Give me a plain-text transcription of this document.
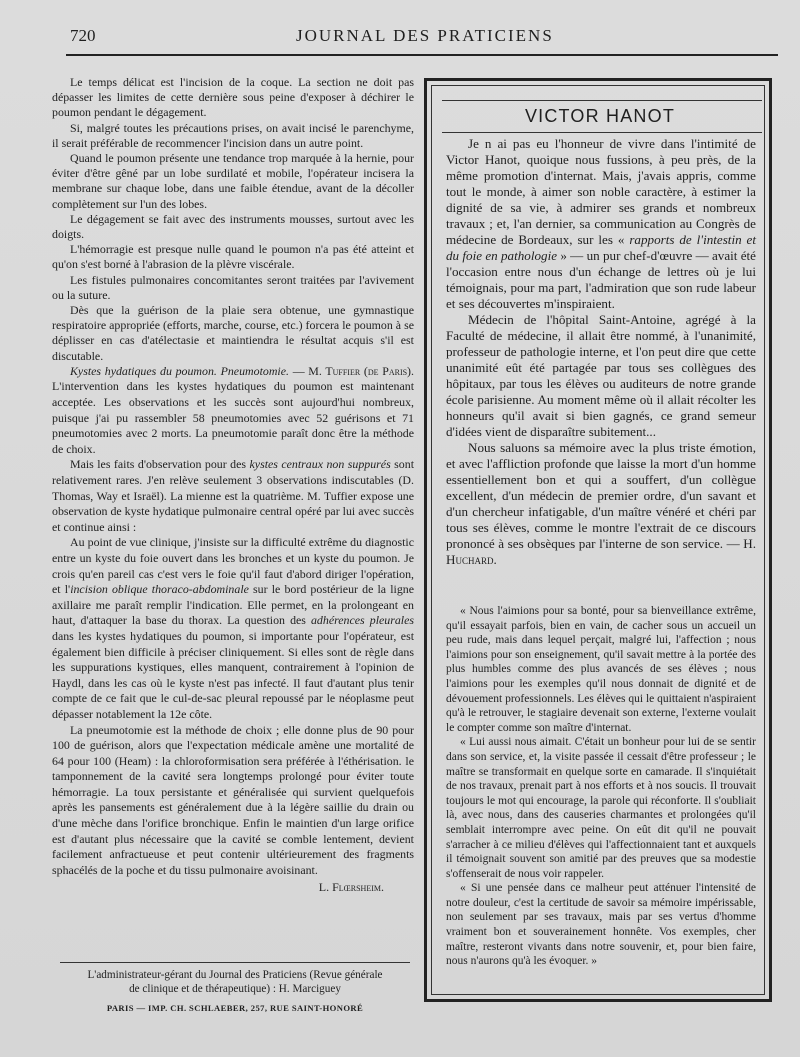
720	JOURNAL DES PRATICIENS

Le temps délicat est l'incision de la coque. La section ne doit pas dépasser les limites de cette dernière sous peine d'exposer à déchirer le poumon pendant le dégagement.

Si, malgré toutes les précautions prises, on avait incisé le parenchyme, il serait préférable de recommencer l'incision dans un autre point.

Quand le poumon présente une tendance trop marquée à la hernie, pour éviter d'être gêné par un lobe surdilaté et mobile, l'opérateur incisera la membrane sur chaque lobe, dans une faible étendue, avant de la décoller complètement sur l'un des lobes.

Le dégagement se fait avec des instruments mousses, surtout avec les doigts.

L'hémorragie est presque nulle quand le poumon n'a pas été atteint et qu'on s'est borné à l'abrasion de la plèvre viscérale.

Les fistules pulmonaires concomitantes seront traitées par l'avivement ou la suture.

Dès que la guérison de la plaie sera obtenue, une gymnastique respiratoire appropriée (efforts, marche, course, etc.) forcera le poumon à se déplisser en cas d'atélectasie et maintiendra le résultat acquis s'il est discutable.

Kystes hydatiques du poumon. Pneumotomie. — M. Tuffier (de Paris). L'intervention dans les kystes hydatiques du poumon est maintenant acceptée. Les observations et les succès sont aujourd'hui nombreux, puisque j'ai pu rassembler 58 pneumotomies avec 52 guérisons et 71 pneumotomies avec 2 morts. La pneumotomie paraît donc être la méthode de choix.

Mais les faits d'observation pour des kystes centraux non suppurés sont relativement rares. J'en relève seulement 3 observations indiscutables (D. Thomas, Way et Israël). La mienne est la quatrième. M. Tuffier expose une observation de kyste hydatique pulmonaire central opéré par lui avec succès et continue ainsi :

Au point de vue clinique, j'insiste sur la difficulté extrême du diagnostic entre un kyste du foie ouvert dans les bronches et un kyste du poumon. Je crois qu'en pareil cas c'est vers le foie qu'il faut d'abord diriger l'opération, et l'incision oblique thoraco-abdominale sur le bord postérieur de la ligne axillaire me paraît remplir l'indication. Elle permet, en la prolongeant en haut, d'attaquer la base du thorax. La question des adhérences pleurales dans les kystes hydatiques du poumon, si importante pour l'opérateur, est également bien difficile à préciser cliniquement. Si elles sont de règle dans les suppurations kystiques, elles manquent, contrairement à l'opinion de Haydl, dans les cas où le kyste n'est pas infecté. Il faut d'autant plus tenir compte de ce fait que le cul-de-sac pleural repoussé par le néoplasme peut dépasser notablement la 12e côte.

La pneumotomie est la méthode de choix ; elle donne plus de 90 pour 100 de guérison, alors que l'expectation médicale amène une mortalité de 64 pour 100 (Heam) : la chloroformisation sera préférée à l'éthérisation. le tamponnement de la cavité sera longtemps prolongé pour éviter toute hémorragie. La toux persistante et généralisée qui survient quelquefois après les pansements est généralement due à la légère saillie du drain ou d'une mèche dans l'orifice bronchique. Enfin le maintien d'un large orifice est d'autant plus nécessaire que la cavité se comble lentement, devient facilement anfractueuse et peut contenir ultérieurement des fragments sphacélés de la poche et du tissu pulmonaire avoisinant.

L. Flœrsheim.
L'administrateur-gérant du Journal des Praticiens (Revue générale
de clinique et de thérapeutique) : H. Marciguey
PARIS — IMP. CH. SCHLAEBER, 257, RUE SAINT-HONORÉ
VICTOR HANOT

Je n ai pas eu l'honneur de vivre dans l'intimité de Victor Hanot, quoique nous fussions, à peu près, de la même promotion d'internat. Mais, j'avais appris, comme tout le monde, à aimer son noble caractère, à estimer la dignité de sa vie, à admirer ses grands et nombreux travaux ; et, l'an dernier, sa communication au Congrès de médecine de Bordeaux, sur les « rapports de l'intestin et du foie en pathologie » — un pur chef-d'œuvre — avait été l'occasion entre nous d'un échange de lettres où je lui témoignais, pour ma part, l'admiration que son rude labeur et ses découvertes m'inspiraient.

Médecin de l'hôpital Saint-Antoine, agrégé à la Faculté de médecine, il allait être nommé, à l'unanimité, professeur de pathologie interne, et l'on peut dire que cette unanimité eût été partagée par tous ses collègues des hôpitaux, par tous les élèves ou auditeurs de notre grande école parisienne. Au moment même où il allait récolter les honneurs qu'il avait si bien gagnés, ce grand semeur d'idées vient de disparaître subitement...

Nous saluons sa mémoire avec la plus triste émotion, et avec l'affliction profonde que laisse la mort d'un homme essentiellement bon et qui a souffert, d'un collègue excellent, d'un médecin de premier ordre, d'un savant et d'un chercheur infatigable, d'un maître vénéré et chéri par tous ses élèves, comme le montre l'extrait de ce discours prononcé à ses obsèques par l'interne de son service. — H. Huchard.

« Nous l'aimions pour sa bonté, pour sa bienveillance extrême, qu'il essayait parfois, bien en vain, de cacher sous un accueil un peu rude, mais dans lequel perçait, malgré lui, l'affection ; nous l'aimions pour son enseignement, qu'il savait mettre à la portée des plus humbles comme des plus avancés de ses élèves ; nous l'aimions pour les exemples qu'il nous donnait de dignité et de dévouement professionnels. Les élèves qui le quittaient n'aspiraient qu'à le retrouver, le stagiaire devenait son externe, l'externe voulait le compter comme son maître d'internat.

« Lui aussi nous aimait. C'était un bonheur pour lui de se sentir dans son service, et, la visite passée il cessait d'être professeur ; le maître se transformait en quelque sorte en camarade. Il s'inquiétait de nos travaux, prenait part à nos efforts et à nos soucis. Il trouvait toujours le mot qui encourage, la parole qui réconforte. Il s'oubliait là, avec nous, dans des causeries charmantes et prolongées qu'il semblait interrompre avec peine. On eût dit qu'il ne pouvait s'arracher à ce milieu d'élèves qui l'affectionnaient tant et auxquels il témoignait souvent son amitié par des preuves que sa modestie s'offenserait de nous voir rappeler.

« Si une pensée dans ce malheur peut atténuer l'intensité de notre douleur, c'est la certitude de savoir sa mémoire impérissable, non seulement par ses travaux, mais par ses vertus d'homme vraiment bon et souverainement honnête. Vos exemples, cher maître, resteront vivants dans notre souvenir, et, pour bien faire, nous n'aurons qu'à les évoquer. »
